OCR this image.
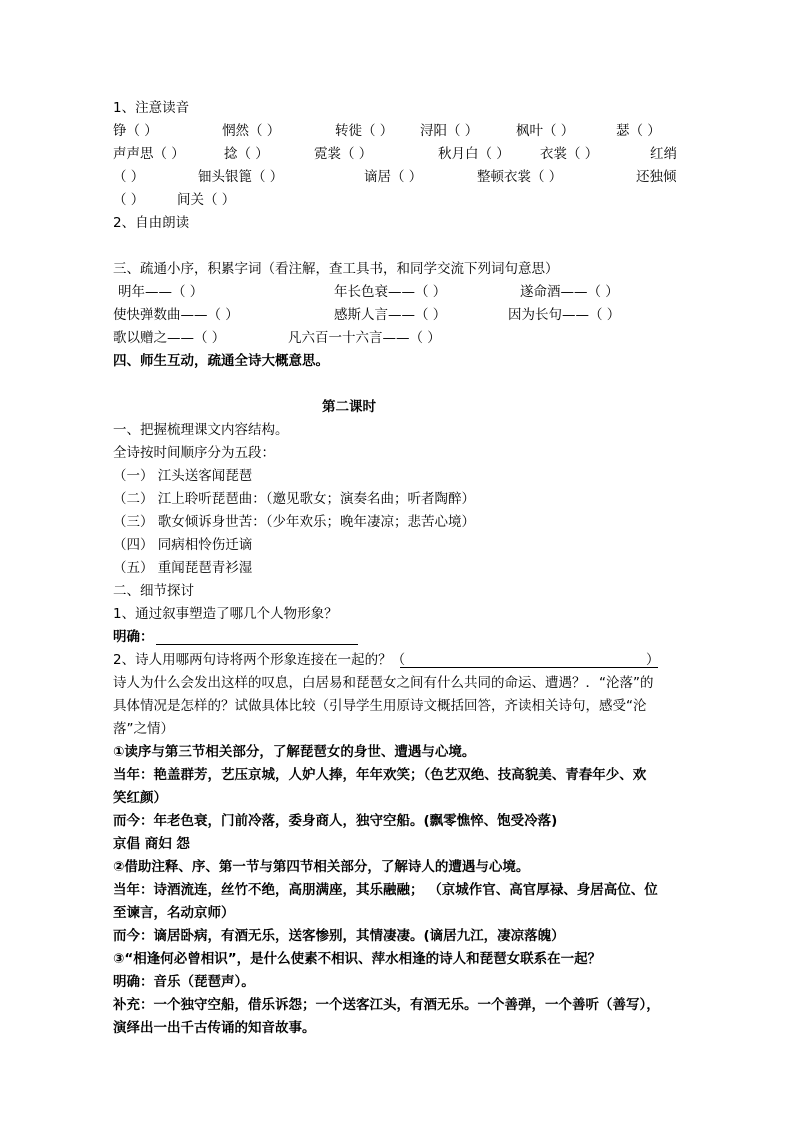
1、注意读音
铮（ ）	惘然（ ）	转徙（ ） 浔阳（ ）	枫叶（ ）	瑟（ ）
声声思（ ）	捻（ ）	霓裳（ ）	秋月白（ ） 衣裳（ ）	红绡
（ ）	钿头银篦（ ）	谪居（ ）	整顿衣裳（ ）	还独倾
（ ） 间关（ ）
2、自由朗读
三、疏通小序，积累字词（看注解，查工具书，和同学交流下列词句意思）
明年——（ ）	年长色衰——（ ）	遂命酒——（ ）
使快弹数曲——（ ）	感斯人言——（ ）	因为长句——（ ）
歌以赠之——（ ）	凡六百一十六言——（ ）
四、师生互动，疏通全诗大概意思。
第二课时
一、把握梳理课文内容结构。
全诗按时间顺序分为五段：
（一） 江头送客闻琵琶
（二） 江上聆听琵琶曲：（邀见歌女；演奏名曲；听者陶醉）
（三） 歌女倾诉身世苦：（少年欢乐；晚年凄凉；悲苦心境）
（四） 同病相怜伤迁谪
（五） 重闻琵琶青衫湿
二、细节探讨
1、通过叙事塑造了哪几个人物形象？
明确：
2、诗人用哪两句诗将两个形象连接在一起的？（	）
诗人为什么会发出这样的叹息，白居易和琵琶女之间有什么共同的命运、遭遇？．“沦落”的
具体情况是怎样的？试做具体比较（引导学生用原诗文概括回答，齐读相关诗句，感受“沦
落”之情）
①读序与第三节相关部分，了解琵琶女的身世、遭遇与心境。
当年：艳盖群芳，艺压京城，人妒人捧，年年欢笑；（色艺双绝、技高貌美、青春年少、欢
笑红颜）
而今：年老色衰，门前冷落，委身商人，独守空船。(飘零憔悴、饱受冷落)
京倡 商妇 怨
②借助注释、序、第一节与第四节相关部分，了解诗人的遭遇与心境。
当年：诗酒流连，丝竹不绝，高朋满座，其乐融融； （京城作官、高官厚禄、身居高位、位
至谏言，名动京师）
而今：谪居卧病，有酒无乐，送客惨别，其情凄凄。(谪居九江，凄凉落魄）
③“相逢何必曾相识”，是什么使素不相识、萍水相逢的诗人和琵琶女联系在一起？
明确：音乐（琵琶声）。
补充：一个独守空船，借乐诉怨；一个送客江头，有酒无乐。一个善弹，一个善听（善写），
演绎出一出千古传诵的知音故事。
